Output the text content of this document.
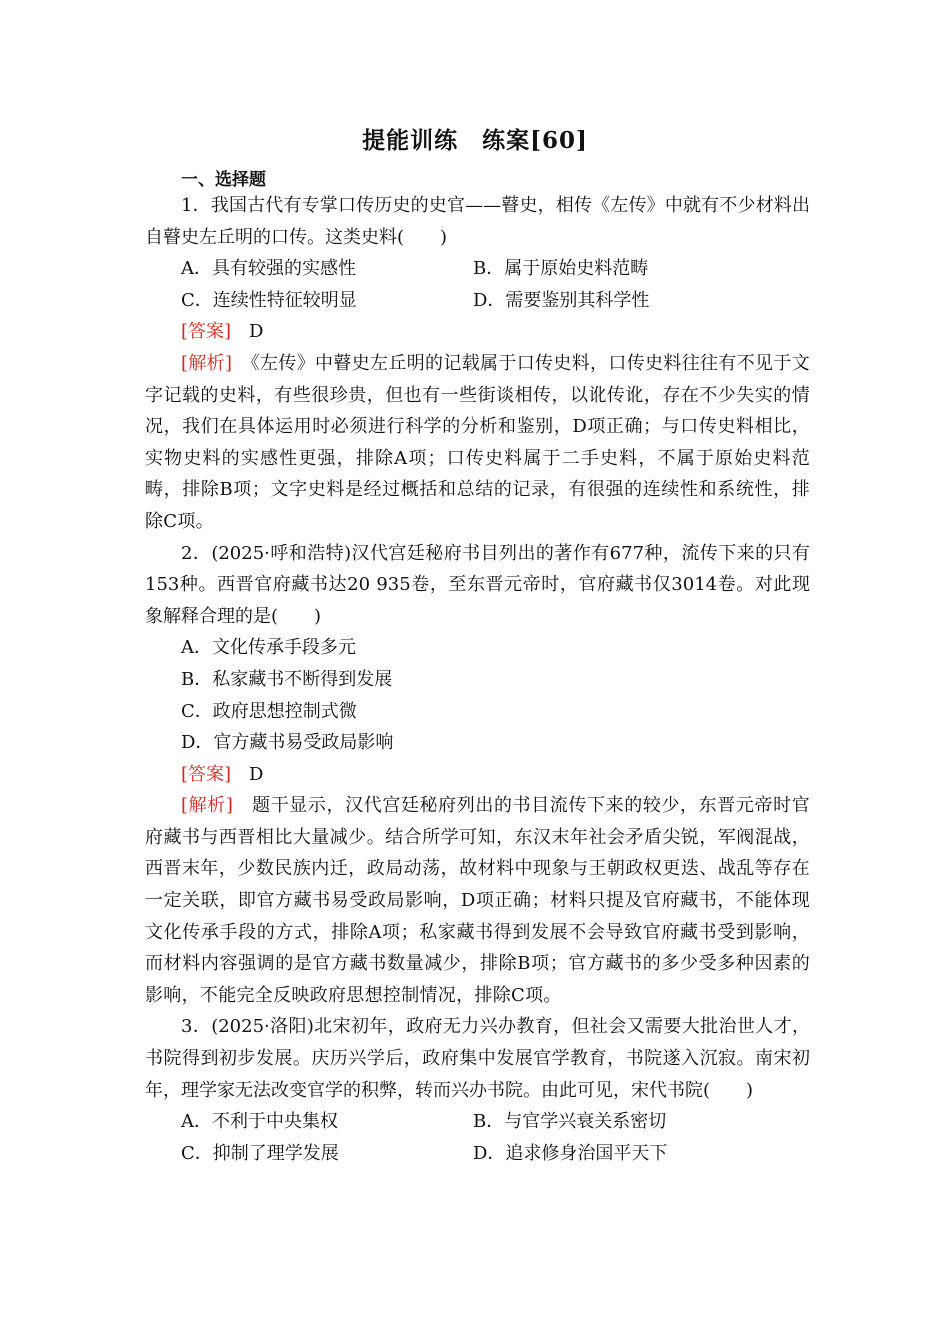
提能训练　练案[60]
一、选择题

1．我国古代有专掌口传历史的史官——瞽史，相传《左传》中就有不少材料出自瞽史左丘明的口传。这类史料(　　)

A．具有较强的实感性	B．属于原始史料范畴
C．连续性特征较明显	D．需要鉴别其科学性

[答案]　 D

[解析]　 《左传》中瞽史左丘明的记载属于口传史料，口传史料往往有不见于文字记载的史料，有些很珍贵，但也有一些街谈相传，以讹传讹，存在不少失实的情况，我们在具体运用时必须进行科学的分析和鉴别，D项正确；与口传史料相比，实物史料的实感性更强，排除A项；口传史料属于二手史料，不属于原始史料范畴，排除B项；文字史料是经过概括和总结的记录，有很强的连续性和系统性，排除C项。

2．(2025·呼和浩特)汉代宫廷秘府书目列出的著作有677种，流传下来的只有153种。西晋官府藏书达20 935卷，至东晋元帝时，官府藏书仅3014卷。对此现象解释合理的是(　　)

A．文化传承手段多元

B．私家藏书不断得到发展

C．政府思想控制式微

D．官方藏书易受政局影响

[答案]　 D

[解析]　 题干显示，汉代宫廷秘府列出的书目流传下来的较少，东晋元帝时官府藏书与西晋相比大量减少。结合所学可知，东汉末年社会矛盾尖锐，军阀混战，西晋末年，少数民族内迁，政局动荡，故材料中现象与王朝政权更迭、战乱等存在一定关联，即官方藏书易受政局影响，D项正确；材料只提及官府藏书，不能体现文化传承手段的方式，排除A项；私家藏书得到发展不会导致官府藏书受到影响，而材料内容强调的是官方藏书数量减少，排除B项；官方藏书的多少受多种因素的影响，不能完全反映政府思想控制情况，排除C项。

3．(2025·洛阳)北宋初年，政府无力兴办教育，但社会又需要大批治世人才，书院得到初步发展。庆历兴学后，政府集中发展官学教育，书院遂入沉寂。南宋初年，理学家无法改变官学的积弊，转而兴办书院。由此可见，宋代书院(　　)

A．不利于中央集权	B．与官学兴衰关系密切
C．抑制了理学发展	D．追求修身治国平天下
